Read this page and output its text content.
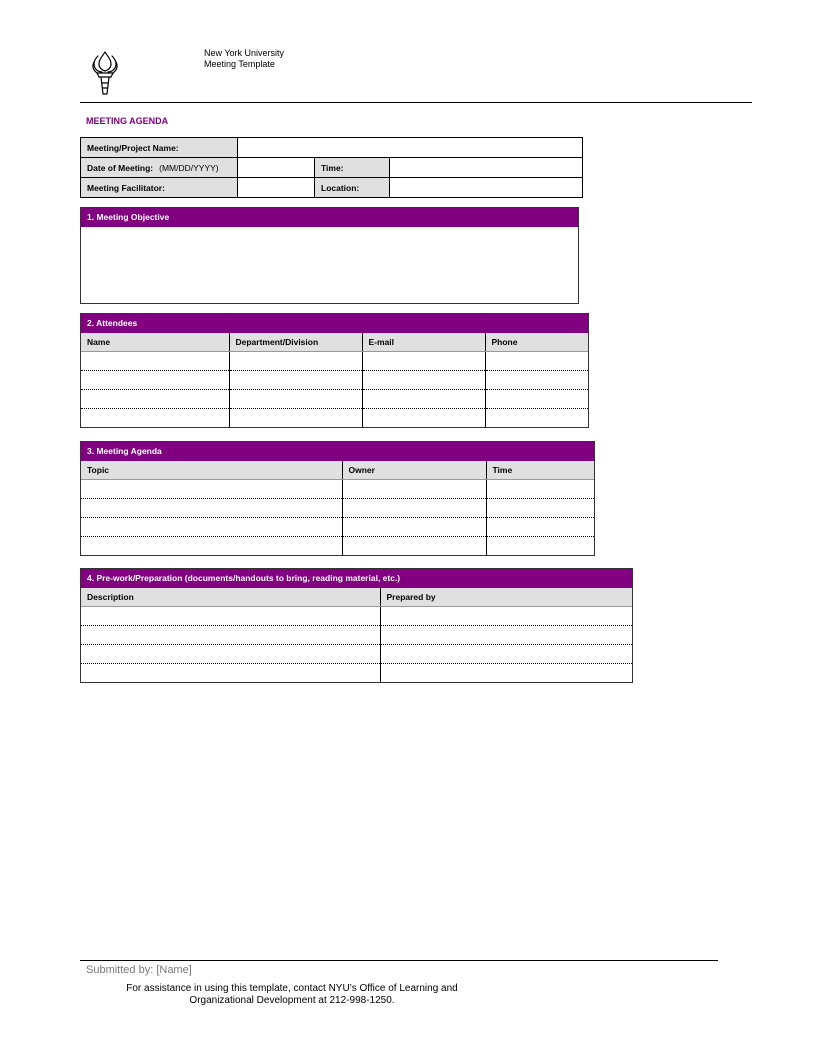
New York University
Meeting Template
MEETING AGENDA
Meeting/Project Name:			
Date of Meeting: (MM/DD/YYYY)		Time:	
Meeting Facilitator:		Location:	
1. Meeting Objective
2. Attendees
Name	Department/Division	E-mail	Phone

3. Meeting Agenda
Topic	Owner	Time

4. Pre-work/Preparation (documents/handouts to bring, reading material, etc.)
Description	Prepared by

Submitted by: [Name]
For assistance in using this template, contact NYU’s Office of Learning and
Organizational Development at 212-998-1250.
